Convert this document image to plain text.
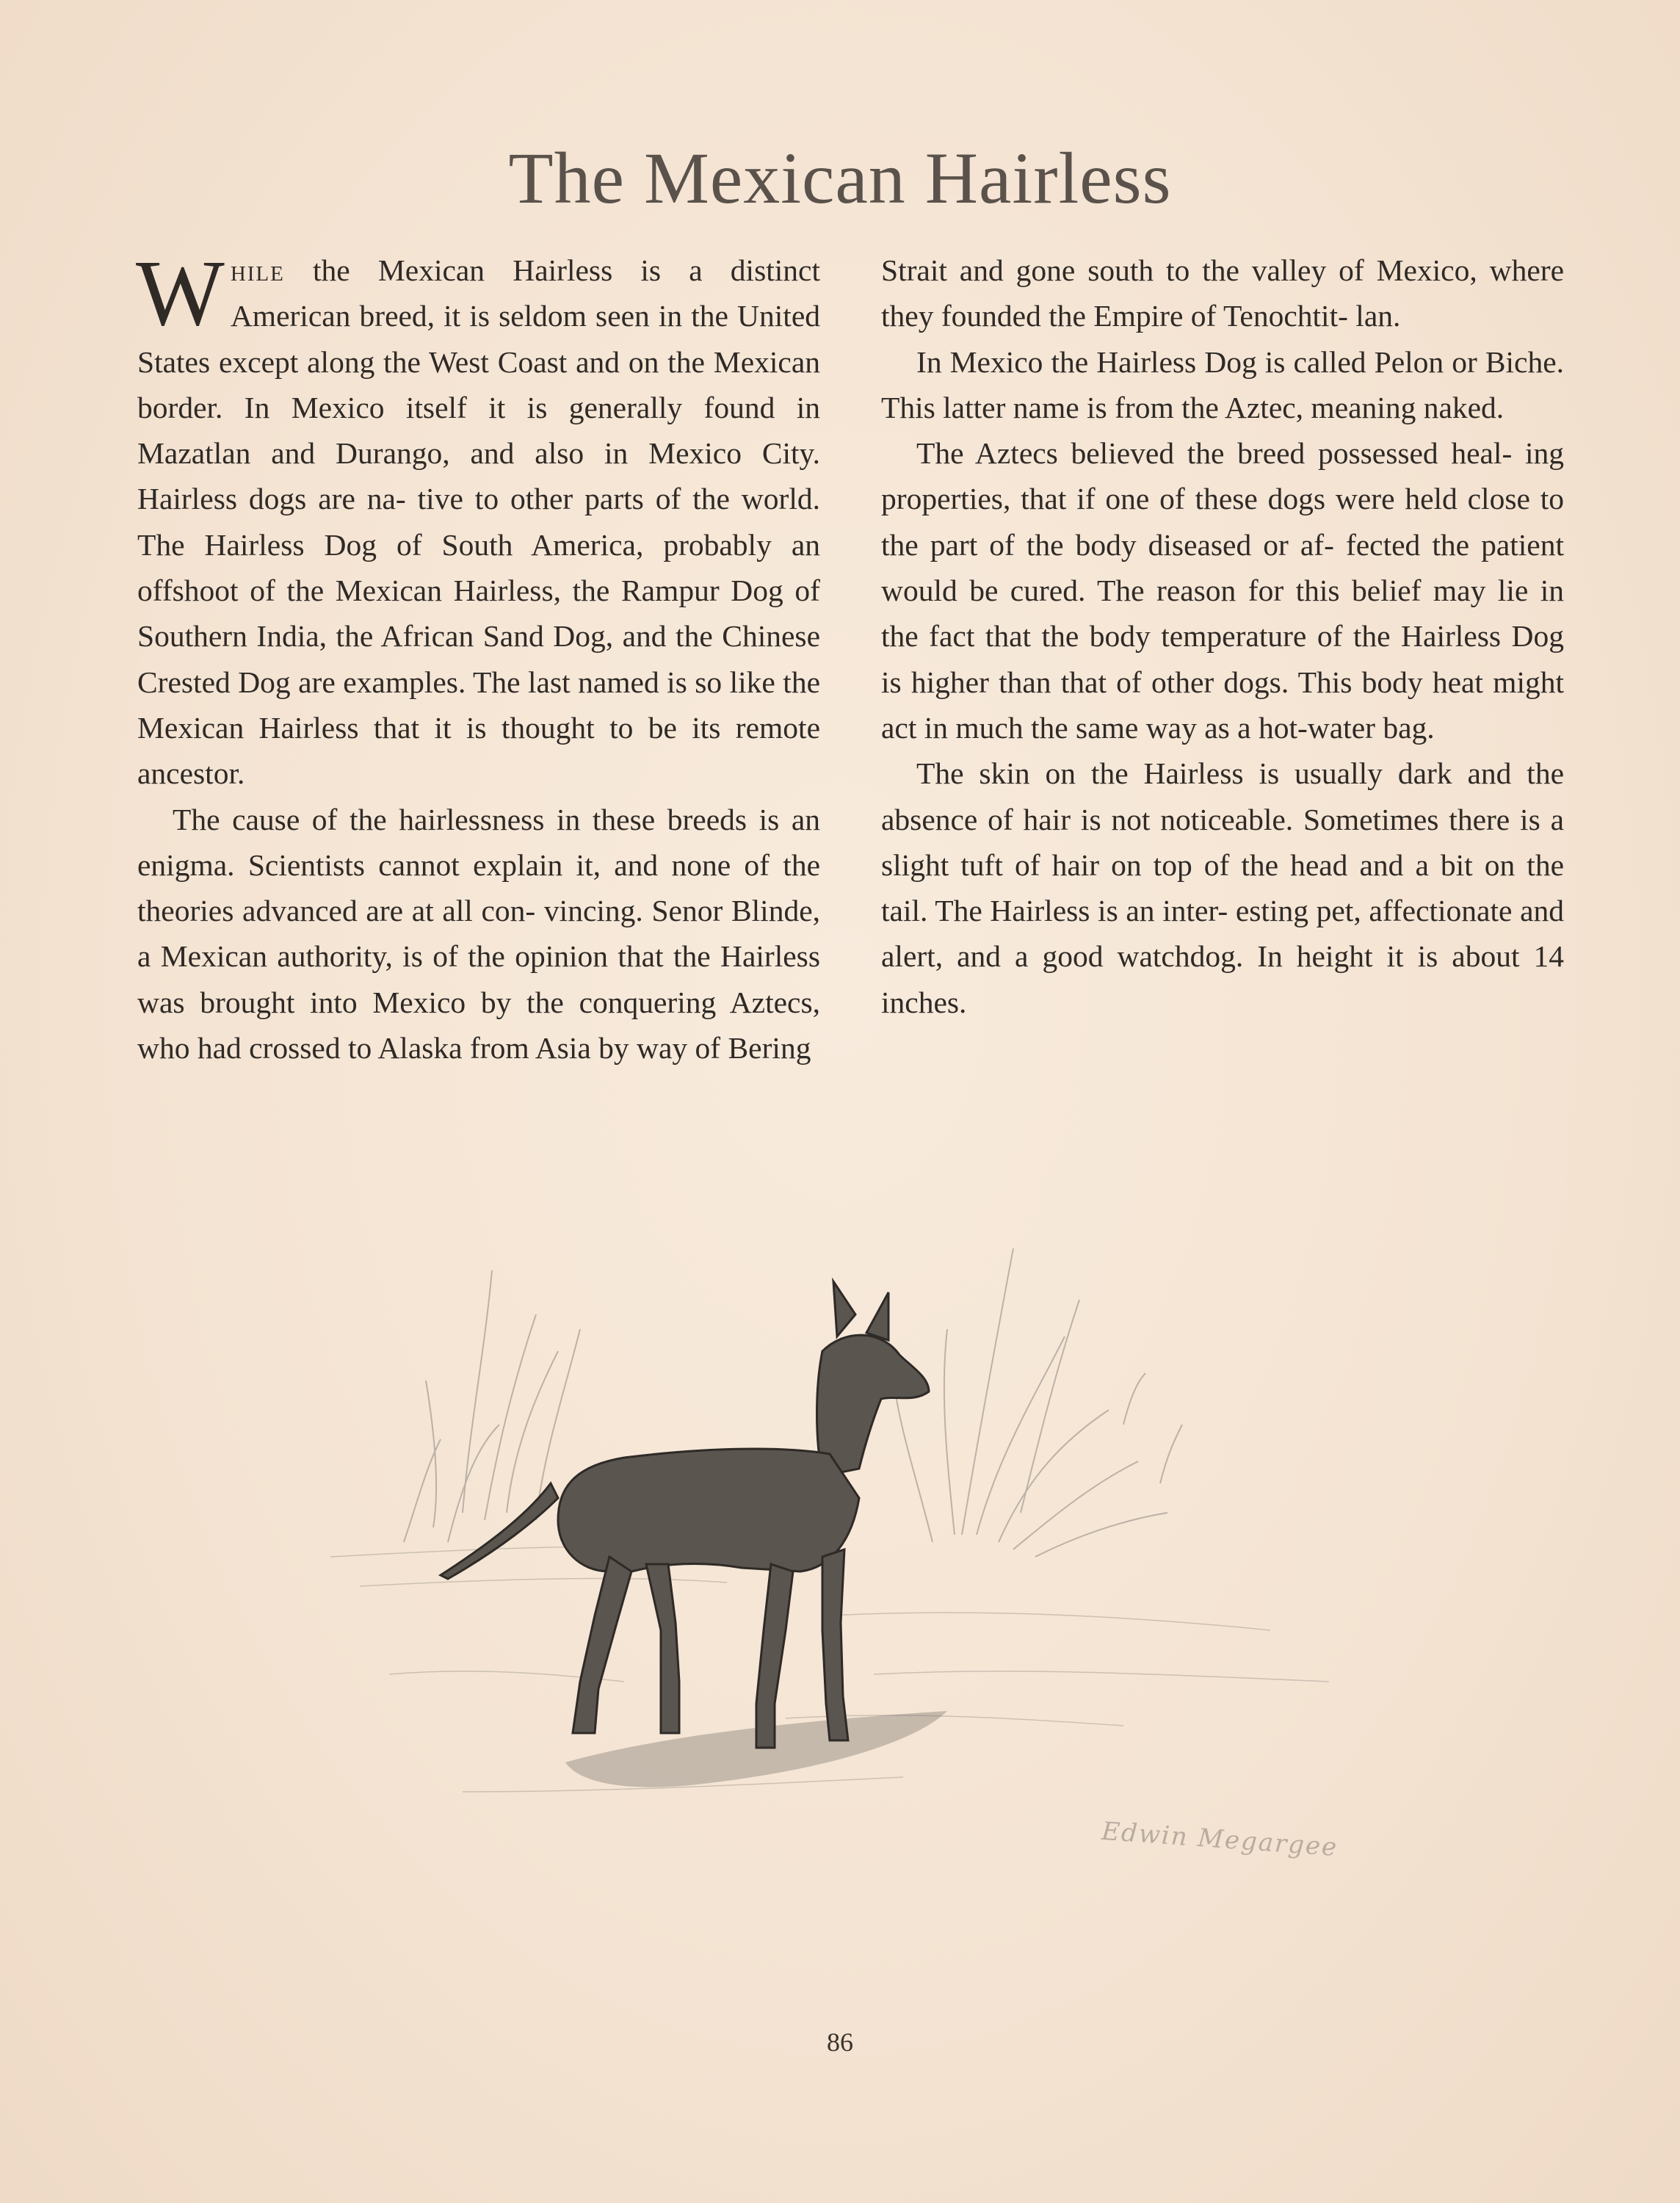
The Mexican Hairless

While the Mexican Hairless is a distinct American breed, it is seldom seen in the United States except along the West Coast and on the Mexican border. In Mexico itself it is generally found in Mazatlan and Durango, and also in Mexico City. Hairless dogs are na- tive to other parts of the world. The Hairless Dog of South America, probably an offshoot of the Mexican Hairless, the Rampur Dog of Southern India, the African Sand Dog, and the Chinese Crested Dog are examples. The last named is so like the Mexican Hairless that it is thought to be its remote ancestor.

The cause of the hairlessness in these breeds is an enigma. Scientists cannot explain it, and none of the theories advanced are at all con- vincing. Senor Blinde, a Mexican authority, is of the opinion that the Hairless was brought into Mexico by the conquering Aztecs, who had crossed to Alaska from Asia by way of Bering

Strait and gone south to the valley of Mexico, where they founded the Empire of Tenochtit- lan.

In Mexico the Hairless Dog is called Pelon or Biche. This latter name is from the Aztec, meaning naked.

The Aztecs believed the breed possessed heal- ing properties, that if one of these dogs were held close to the part of the body diseased or af- fected the patient would be cured. The reason for this belief may lie in the fact that the body temperature of the Hairless Dog is higher than that of other dogs. This body heat might act in much the same way as a hot-water bag.

The skin on the Hairless is usually dark and the absence of hair is not noticeable. Sometimes there is a slight tuft of hair on top of the head and a bit on the tail. The Hairless is an inter- esting pet, affectionate and alert, and a good watchdog. In height it is about 14 inches.

Edwin Megargee
86
